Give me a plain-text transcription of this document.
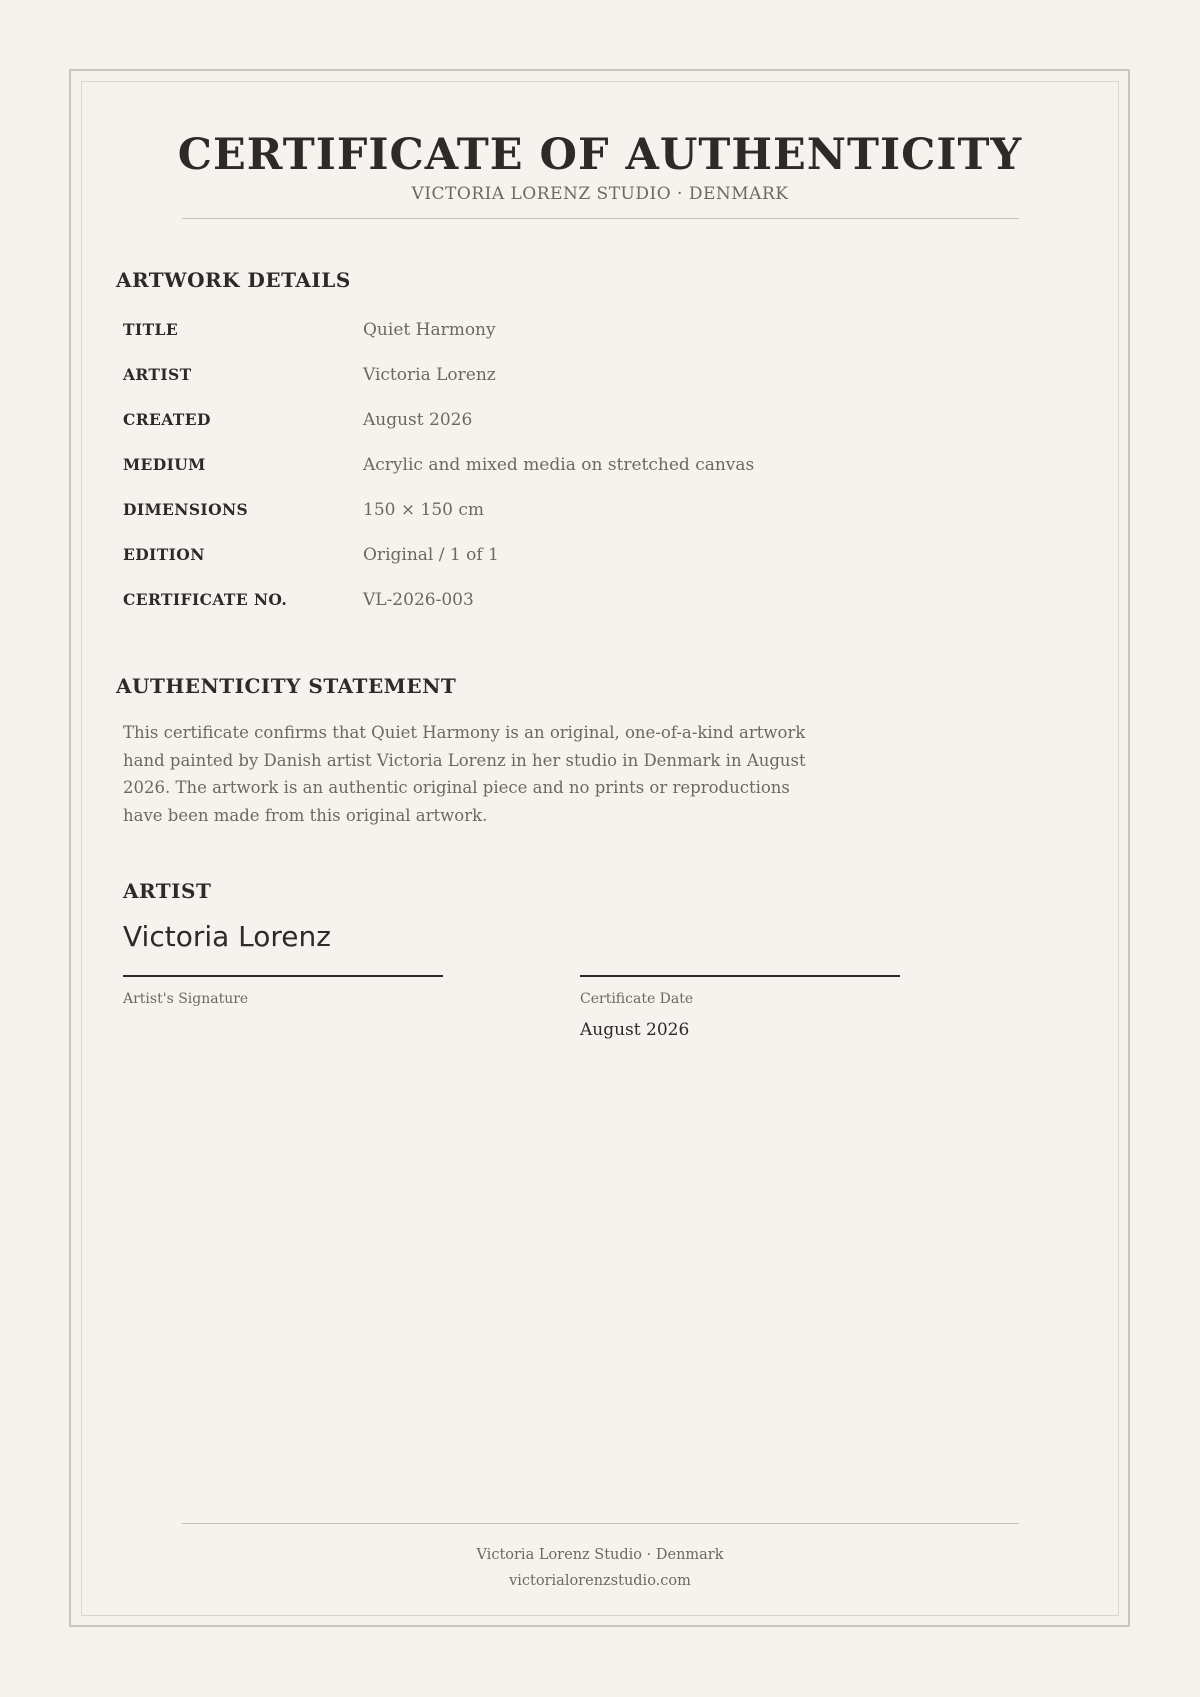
CERTIFICATE OF AUTHENTICITY
VICTORIA LORENZ STUDIO · DENMARK
ARTWORK DETAILS
TITLE	Quiet Harmony
ARTIST	Victoria Lorenz
CREATED	August 2026
MEDIUM	Acrylic and mixed media on stretched canvas
DIMENSIONS	150 × 150 cm
EDITION	Original / 1 of 1
CERTIFICATE NO.	VL-2026-003
AUTHENTICITY STATEMENT
This certificate confirms that Quiet Harmony is an original, one-of-a-kind artwork hand painted by Danish artist Victoria Lorenz in her studio in Denmark in August 2026. The artwork is an authentic original piece and no prints or reproductions have been made from this original artwork.
ARTIST
Victoria Lorenz
Artist's Signature	Certificate Date
August 2026
Victoria Lorenz Studio · Denmark
victorialorenzstudio.com
